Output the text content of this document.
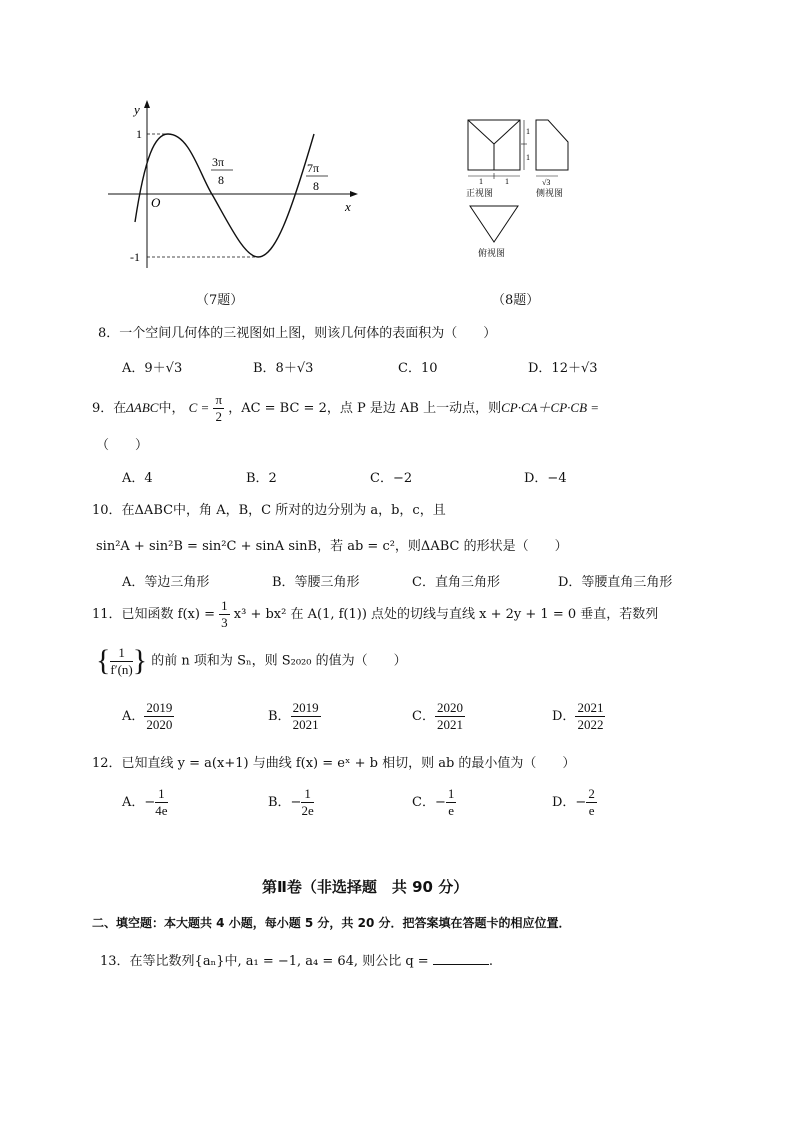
y
x
O
1
-1
3π
8
7π
8
（7题）
1	1
1
1
√3
正视图	侧视图
俯视图
（8题）
8．一个空间几何体的三视图如上图，则该几何体的表面积为（　　）
A．9＋√3	B．8＋√3	C．10	D．12＋√3
9．在ΔABC中， $C = \frac{\pi}{2}$ ，AC = BC = 2，点 P 是边 AB 上一动点，则CP·CA＋CP·CB =
（　　）
A．4	B．2	C．−2	D．−4
10．在ΔABC中，角 A，B，C 所对的边分别为 a，b，c，且
sin²A + sin²B = sin²C + sinA sinB，若 ab = c²，则ΔABC 的形状是（　　）
A．等边三角形	B．等腰三角形	C．直角三角形	D．等腰直角三角形
11．已知函数 $f(x) = \frac{1}{3} x^3 + bx^2$ 在 A(1, f(1)) 点处的切线与直线 x + 2y + 1 = 0 垂直，若数列
{ $\frac{1}{f'(n)}$ } 的前 n 项和为 Sₙ，则 S₂₀₂₀ 的值为（　　）
A． $\frac{2019}{2020}$	B． $\frac{2019}{2021}$	C． $\frac{2020}{2021}$	D． $\frac{2021}{2022}$
12．已知直线 y = a(x+1) 与曲线 f(x) = eˣ + b 相切，则 ab 的最小值为（　　）
A．− $\frac{1}{4e}$	B．− $\frac{1}{2e}$	C．− $\frac{1}{e}$	D．− $\frac{2}{e}$
第Ⅱ卷（非选择题　共 90 分）
二、填空题：本大题共 4 小题，每小题 5 分，共 20 分．把答案填在答题卡的相应位置．
13．在等比数列{aₙ}中, a₁ = −1, a₄ = 64, 则公比 q =	.
